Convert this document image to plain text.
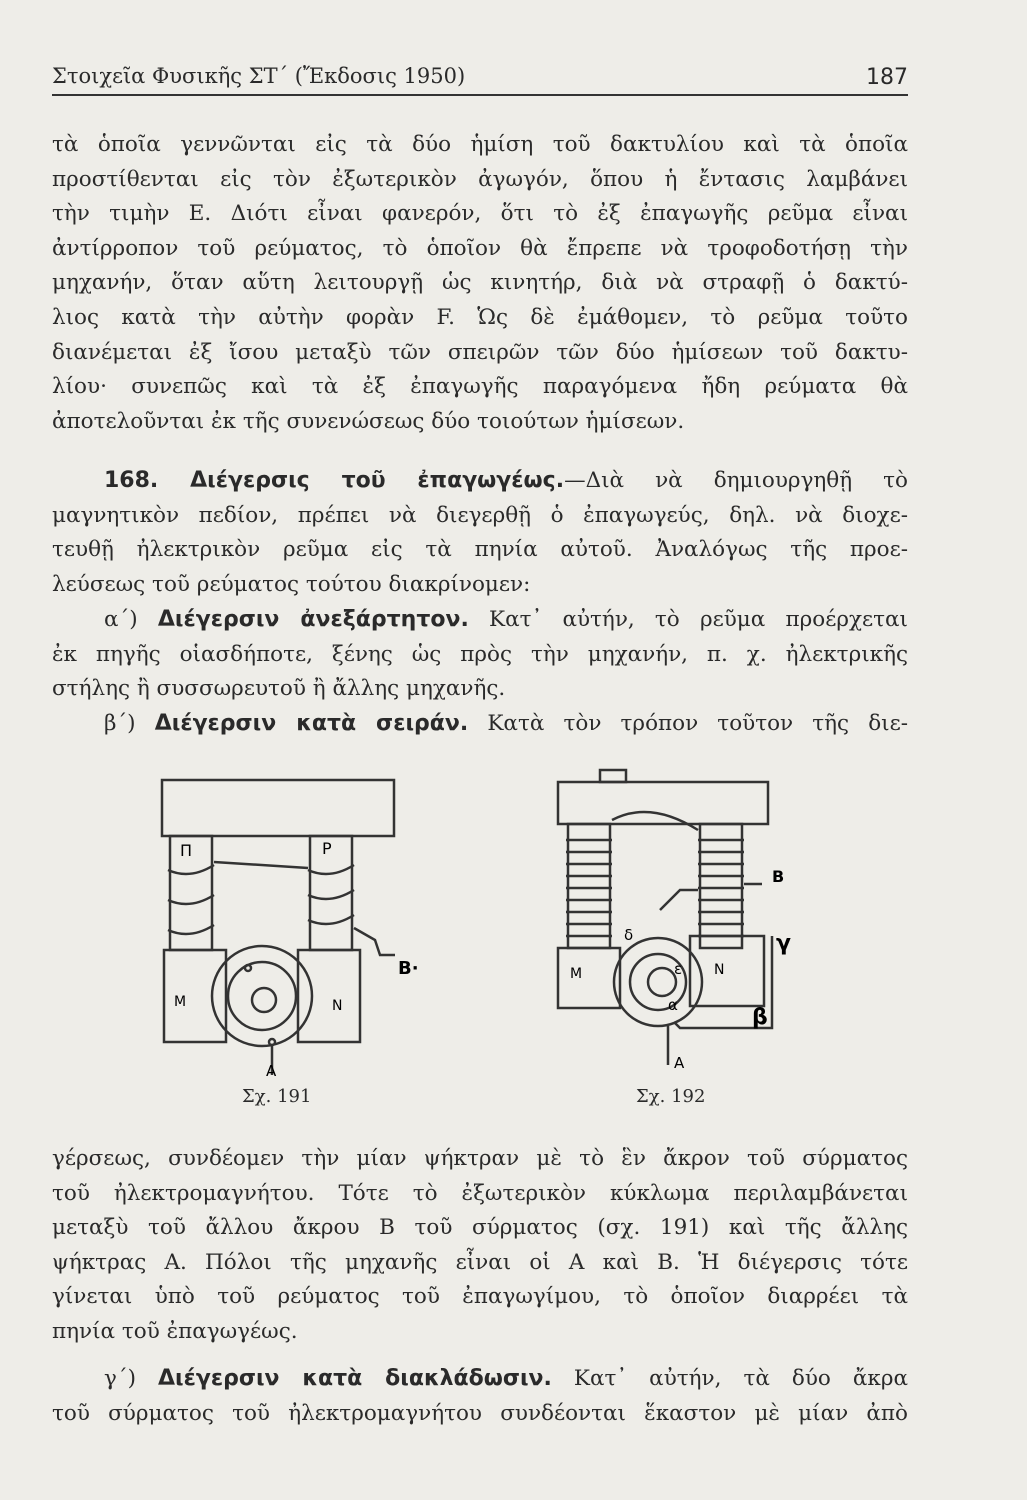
Στοιχεῖα Φυσικῆς ΣΤ΄ (Ἔκδοσις 1950)	187
τὰ ὁποῖα γεννῶνται εἰς τὰ δύο ἡμίση τοῦ δακτυλίου καὶ τὰ ὁποῖα
προστίθενται εἰς τὸν ἐξωτερικὸν ἀγωγόν, ὅπου ἡ ἔντασις λαμβάνει
τὴν τιμὴν Ε. Διότι εἶναι φανερόν, ὅτι τὸ ἐξ ἐπαγωγῆς ρεῦμα εἶναι
ἀντίρροπον τοῦ ρεύματος, τὸ ὁποῖον θὰ ἔπρεπε νὰ τροφοδοτήσῃ τὴν
μηχανήν, ὅταν αὕτη λειτουργῇ ὡς κινητήρ, διὰ νὰ στραφῇ ὁ δακτύ-
λιος κατὰ τὴν αὐτὴν φορὰν F. Ὡς δὲ ἐμάθομεν, τὸ ρεῦμα τοῦτο
διανέμεται ἐξ ἴσου μεταξὺ τῶν σπειρῶν τῶν δύο ἡμίσεων τοῦ δακτυ-
λίου· συνεπῶς καὶ τὰ ἐξ ἐπαγωγῆς παραγόμενα ἤδη ρεύματα θὰ
ἀποτελοῦνται ἐκ τῆς συνενώσεως δύο τοιούτων ἡμίσεων.
168. Διέγερσις τοῦ ἐπαγωγέως.—Διὰ νὰ δημιουργηθῇ τὸ
μαγνητικὸν πεδίον, πρέπει νὰ διεγερθῇ ὁ ἐπαγωγεύς, δηλ. νὰ διοχε-
τευθῇ ἠλεκτρικὸν ρεῦμα εἰς τὰ πηνία αὐτοῦ. Ἀναλόγως τῆς προε-
λεύσεως τοῦ ρεύματος τούτου διακρίνομεν:
α΄) Διέγερσιν ἀνεξάρτητον. Κατ᾽ αὐτήν, τὸ ρεῦμα προέρχεται
ἐκ πηγῆς οἱασδήποτε, ξένης ὡς πρὸς τὴν μηχανήν, π. χ. ἠλεκτρικῆς
στήλης ἢ συσσωρευτοῦ ἢ ἄλλης μηχανῆς.
β΄) Διέγερσιν κατὰ σειράν. Κατὰ τὸν τρόπον τοῦτον τῆς διε-
Π	Ρ
Μ	Ν
A
B·
Σχ. 191
Μ	Ν
Β
δ
ε
α
γ
β
A
Σχ. 192
γέρσεως, συνδέομεν τὴν μίαν ψήκτραν μὲ τὸ ἓν ἄκρον τοῦ σύρματος
τοῦ ἠλεκτρομαγνήτου. Τότε τὸ ἐξωτερικὸν κύκλωμα περιλαμβάνεται
μεταξὺ τοῦ ἄλλου ἄκρου Β τοῦ σύρματος (σχ. 191) καὶ τῆς ἄλλης
ψήκτρας Α. Πόλοι τῆς μηχανῆς εἶναι οἱ Α καὶ Β. Ἡ διέγερσις τότε
γίνεται ὑπὸ τοῦ ρεύματος τοῦ ἐπαγωγίμου, τὸ ὁποῖον διαρρέει τὰ
πηνία τοῦ ἐπαγωγέως.
γ΄) Διέγερσιν κατὰ διακλάδωσιν. Κατ᾽ αὐτήν, τὰ δύο ἄκρα
τοῦ σύρματος τοῦ ἠλεκτρομαγνήτου συνδέονται ἕκαστον μὲ μίαν ἀπὸ
